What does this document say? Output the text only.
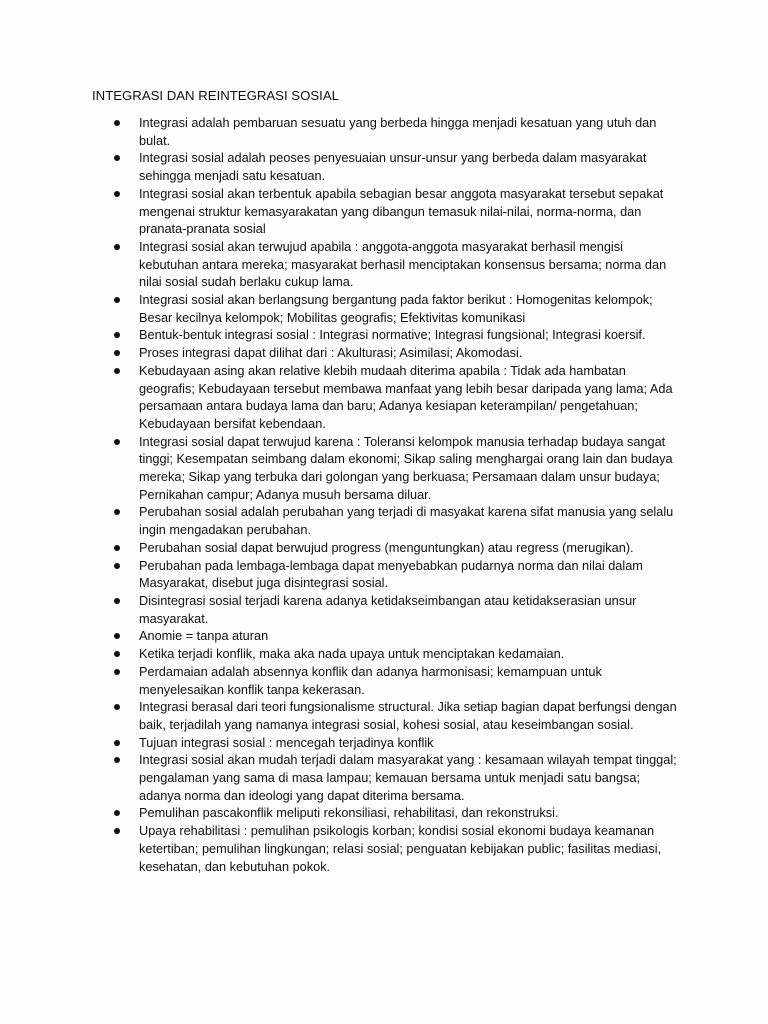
INTEGRASI DAN REINTEGRASI SOSIAL
Integrasi adalah pembaruan sesuatu yang berbeda hingga menjadi kesatuan yang utuh dan bulat.
Integrasi sosial adalah peoses penyesuaian unsur-unsur yang berbeda dalam masyarakat sehingga menjadi satu kesatuan.
Integrasi sosial akan terbentuk apabila sebagian besar anggota masyarakat tersebut sepakat mengenai struktur kemasyarakatan yang dibangun temasuk nilai-nilai, norma-norma, dan pranata-pranata sosial
Integrasi sosial akan terwujud apabila : anggota-anggota masyarakat berhasil mengisi kebutuhan antara mereka; masyarakat berhasil menciptakan konsensus bersama; norma dan nilai sosial sudah berlaku cukup lama.
Integrasi sosial akan berlangsung bergantung pada faktor berikut : Homogenitas kelompok; Besar kecilnya kelompok; Mobilitas geografis; Efektivitas komunikasi
Bentuk-bentuk integrasi sosial : Integrasi normative; Integrasi fungsional; Integrasi koersif.
Proses integrasi dapat dilihat dari : Akulturasi; Asimilasi; Akomodasi.
Kebudayaan asing akan relative klebih mudaah diterima apabila : Tidak ada hambatan geografis; Kebudayaan tersebut membawa manfaat yang lebih besar daripada yang lama; Ada persamaan antara budaya lama dan baru; Adanya kesiapan keterampilan/ pengetahuan; Kebudayaan bersifat kebendaan.
Integrasi sosial dapat terwujud karena : Toleransi kelompok manusia terhadap budaya sangat tinggi; Kesempatan seimbang dalam ekonomi; Sikap saling menghargai orang lain dan budaya mereka; Sikap yang terbuka dari golongan yang berkuasa; Persamaan dalam unsur budaya; Pernikahan campur; Adanya musuh bersama diluar.
Perubahan sosial adalah perubahan yang terjadi di masyakat karena sifat manusia yang selalu ingin mengadakan perubahan.
Perubahan sosial dapat berwujud progress (menguntungkan) atau regress (merugikan).
Perubahan pada lembaga-lembaga dapat menyebabkan pudarnya norma dan nilai dalam Masyarakat, disebut juga disintegrasi sosial.
Disintegrasi sosial terjadi karena adanya ketidakseimbangan atau ketidakserasian unsur masyarakat.
Anomie = tanpa aturan
Ketika terjadi konflik, maka aka nada upaya untuk menciptakan kedamaian.
Perdamaian adalah absennya konflik dan adanya harmonisasi; kemampuan untuk menyelesaikan konflik tanpa kekerasan.
Integrasi berasal dari teori fungsionalisme structural. Jika setiap bagian dapat berfungsi dengan baik, terjadilah yang namanya integrasi sosial, kohesi sosial, atau keseimbangan sosial.
Tujuan integrasi sosial : mencegah terjadinya konflik
Integrasi sosial akan mudah terjadi dalam masyarakat yang : kesamaan wilayah tempat tinggal; pengalaman yang sama di masa lampau; kemauan bersama untuk menjadi satu bangsa; adanya norma dan ideologi yang dapat diterima bersama.
Pemulihan pascakonflik meliputi rekonsiliasi, rehabilitasi, dan rekonstruksi.
Upaya rehabilitasi : pemulihan psikologis korban; kondisi sosial ekonomi budaya keamanan ketertiban; pemulihan lingkungan; relasi sosial; penguatan kebijakan public; fasilitas mediasi, kesehatan, dan kebutuhan pokok.
